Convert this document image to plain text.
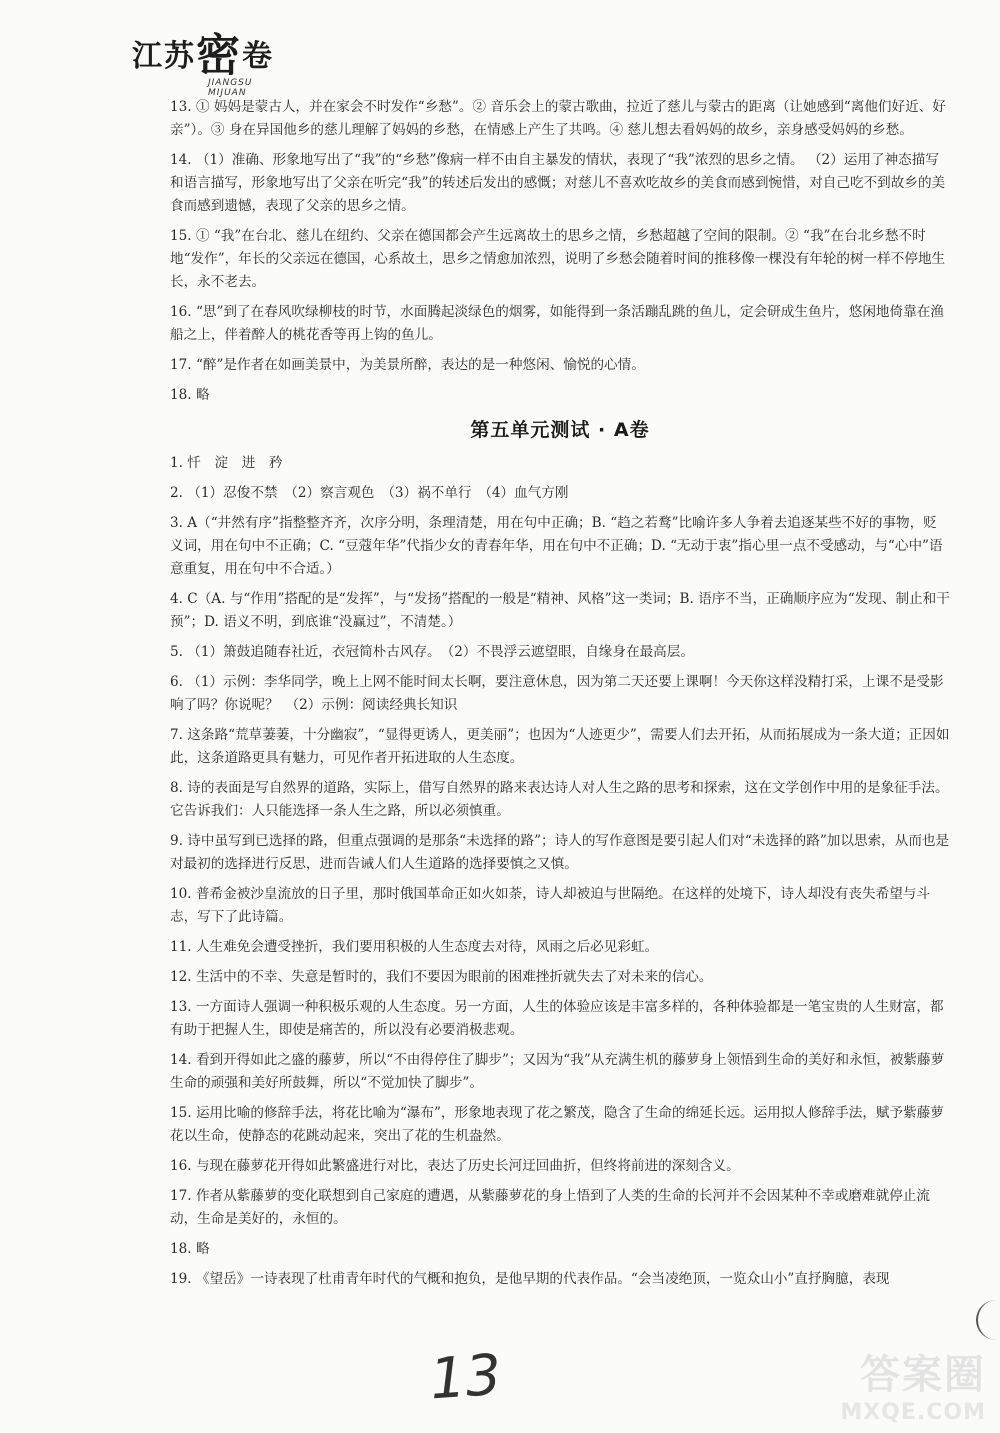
江苏密卷
JIANGSU MIJUAN

13. ① 妈妈是蒙古人，并在家会不时发作“乡愁”。② 音乐会上的蒙古歌曲，拉近了慈儿与蒙古的距离（让她感到“离他们好近、好亲”）。③ 身在异国他乡的慈儿理解了妈妈的乡愁，在情感上产生了共鸣。④ 慈儿想去看妈妈的故乡，亲身感受妈妈的乡愁。

14. （1）准确、形象地写出了“我”的“乡愁”像病一样不由自主暴发的情状，表现了“我”浓烈的思乡之情。 （2）运用了神态描写和语言描写，形象地写出了父亲在听完“我”的转述后发出的感慨；对慈儿不喜欢吃故乡的美食而感到惋惜，对自己吃不到故乡的美食而感到遗憾，表现了父亲的思乡之情。

15. ① “我”在台北、慈儿在纽约、父亲在德国都会产生远离故土的思乡之情，乡愁超越了空间的限制。② “我”在台北乡愁不时地“发作”，年长的父亲远在德国，心系故土，思乡之情愈加浓烈，说明了乡愁会随着时间的推移像一棵没有年轮的树一样不停地生长，永不老去。

16. “思”到了在春风吹绿柳枝的时节，水面腾起淡绿色的烟雾，如能得到一条活蹦乱跳的鱼儿，定会研成生鱼片，悠闲地倚靠在渔船之上，伴着醉人的桃花香等再上钩的鱼儿。

17. “醉”是作者在如画美景中，为美景所醉，表达的是一种悠闲、愉悦的心情。

18. 略

第五单元测试 · A卷

1. 忏　淀　进　矜

2. （1）忍俊不禁　（2）察言观色　（3）祸不单行　（4）血气方刚

3. A（“井然有序”指整整齐齐，次序分明，条理清楚，用在句中正确；B. “趋之若鹜”比喻许多人争着去追逐某些不好的事物，贬义词，用在句中不正确；C. “豆蔻年华”代指少女的青春年华，用在句中不正确；D. “无动于衷”指心里一点不受感动，与“心中”语意重复，用在句中不合适。）

4. C（A. 与“作用”搭配的是“发挥”，与“发扬”搭配的一般是“精神、风格”这一类词；B. 语序不当，正确顺序应为“发现、制止和干预”；D. 语义不明，到底谁“没赢过”，不清楚。）

5. （1）箫鼓追随春社近，衣冠简朴古风存。　（2）不畏浮云遮望眼，自缘身在最高层。

6. （1）示例：李华同学，晚上上网不能时间太长啊，要注意休息，因为第二天还要上课啊！今天你这样没精打采，上课不是受影响了吗？你说呢？　（2）示例：阅读经典长知识

7. 这条路“荒草萋萋，十分幽寂”，“显得更诱人，更美丽”；也因为“人迹更少”，需要人们去开拓，从而拓展成为一条大道；正因如此，这条道路更具有魅力，可见作者开拓进取的人生态度。

8. 诗的表面是写自然界的道路，实际上，借写自然界的路来表达诗人对人生之路的思考和探索，这在文学创作中用的是象征手法。它告诉我们：人只能选择一条人生之路，所以必须慎重。

9. 诗中虽写到已选择的路，但重点强调的是那条“未选择的路”；诗人的写作意图是要引起人们对“未选择的路”加以思索，从而也是对最初的选择进行反思，进而告诫人们人生道路的选择要慎之又慎。

10. 普希金被沙皇流放的日子里，那时俄国革命正如火如荼，诗人却被迫与世隔绝。在这样的处境下，诗人却没有丧失希望与斗志，写下了此诗篇。

11. 人生难免会遭受挫折，我们要用积极的人生态度去对待，风雨之后必见彩虹。

12. 生活中的不幸、失意是暂时的，我们不要因为眼前的困难挫折就失去了对未来的信心。

13. 一方面诗人强调一种积极乐观的人生态度。另一方面，人生的体验应该是丰富多样的，各种体验都是一笔宝贵的人生财富，都有助于把握人生，即使是痛苦的，所以没有必要消极悲观。

14. 看到开得如此之盛的藤萝，所以“不由得停住了脚步”；又因为“我”从充满生机的藤萝身上领悟到生命的美好和永恒，被紫藤萝生命的顽强和美好所鼓舞，所以“不觉加快了脚步”。

15. 运用比喻的修辞手法，将花比喻为“瀑布”，形象地表现了花之繁茂，隐含了生命的绵延长远。运用拟人修辞手法，赋予紫藤萝花以生命，使静态的花跳动起来，突出了花的生机盎然。

16. 与现在藤萝花开得如此繁盛进行对比，表达了历史长河迂回曲折，但终将前进的深刻含义。

17. 作者从紫藤萝的变化联想到自己家庭的遭遇，从紫藤萝花的身上悟到了人类的生命的长河并不会因某种不幸或磨难就停止流动，生命是美好的，永恒的。

18. 略

19. 《望岳》一诗表现了杜甫青年时代的气概和抱负，是他早期的代表作品。“会当凌绝顶，一览众山小”直抒胸臆，表现

13	答案圈
MXQE.COM
